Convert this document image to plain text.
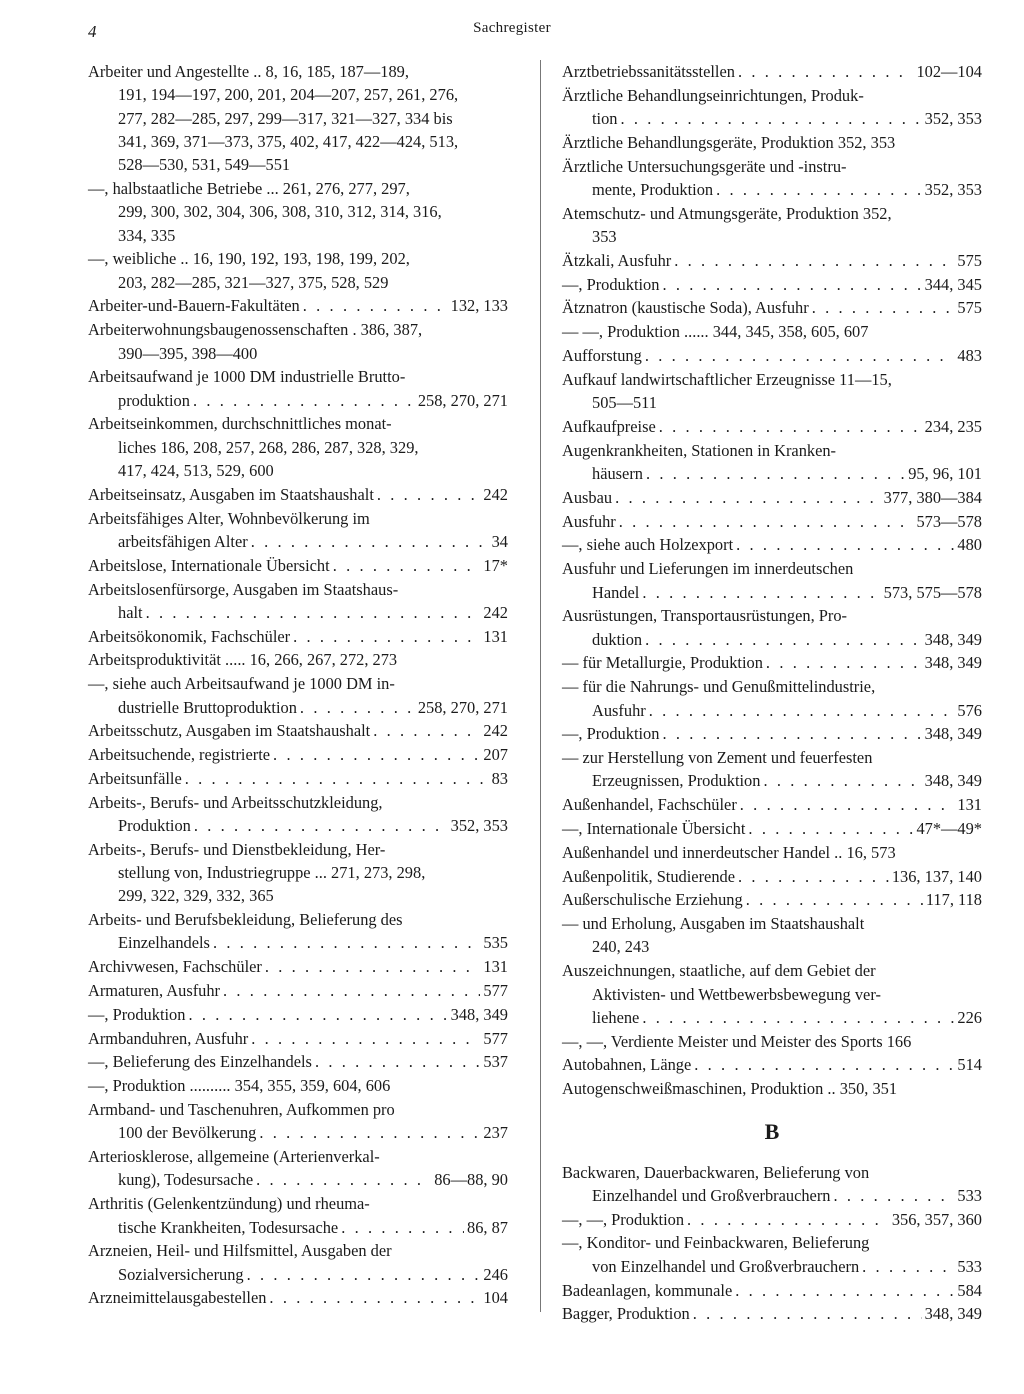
4	Sachregister
Arbeiter und Angestellte .. 8, 16, 185, 187—189,
191, 194—197, 200, 201, 204—207, 257, 261, 276,
277, 282—285, 297, 299—317, 321—327, 334 bis
341, 369, 371—373, 375, 402, 417, 422—424, 513,
528—530, 531, 549—551
—, halbstaatliche Betriebe ... 261, 276, 277, 297,
299, 300, 302, 304, 306, 308, 310, 312, 314, 316,
334, 335
—, weibliche .. 16, 190, 192, 193, 198, 199, 202,
203, 282—285, 321—327, 375, 528, 529
Arbeiter-und-Bauern-Fakultäten . . .	132, 133
Arbeiterwohnungsbaugenossenschaften . 386, 387,
390—395, 398—400
Arbeitsaufwand je 1000 DM industrielle Brutto-
produktion . . .	258, 270, 271
Arbeitseinkommen, durchschnittliches monat-
liches 186, 208, 257, 268, 286, 287, 328, 329,
417, 424, 513, 529, 600
Arbeitseinsatz, Ausgaben im Staatshaushalt . . .	242
Arbeitsfähiges Alter, Wohnbevölkerung im
arbeitsfähigen Alter . . .	34
Arbeitslose, Internationale Übersicht . . .	17*
Arbeitslosenfürsorge, Ausgaben im Staatshaus-
halt . . .	242
Arbeitsökonomik, Fachschüler . . .	131
Arbeitsproduktivität ..... 16, 266, 267, 272, 273
—, siehe auch Arbeitsaufwand je 1000 DM in-
dustrielle Bruttoproduktion . . .	258, 270, 271
Arbeitsschutz, Ausgaben im Staatshaushalt . . .	242
Arbeitsuchende, registrierte . . .	207
Arbeitsunfälle . . .	83
Arbeits-, Berufs- und Arbeitsschutzkleidung,
Produktion . . .	352, 353
Arbeits-, Berufs- und Dienstbekleidung, Her-
stellung von, Industriegruppe ... 271, 273, 298,
299, 322, 329, 332, 365
Arbeits- und Berufsbekleidung, Belieferung des
Einzelhandels . . .	535
Archivwesen, Fachschüler . . .	131
Armaturen, Ausfuhr . . .	577
—, Produktion . . .	348, 349
Armbanduhren, Ausfuhr . . .	577
—, Belieferung des Einzelhandels . . .	537
—, Produktion .......... 354, 355, 359, 604, 606
Armband- und Taschenuhren, Aufkommen pro
100 der Bevölkerung . . .	237
Arteriosklerose, allgemeine (Arterienverkal-
kung), Todesursache . . .	86—88, 90
Arthritis (Gelenkentzündung) und rheuma-
tische Krankheiten, Todesursache . . .	86, 87
Arzneien, Heil- und Hilfsmittel, Ausgaben der
Sozialversicherung . . .	246
Arzneimittelausgabestellen . . .	104
Arztbetriebssanitätsstellen . . .	102—104
Ärztliche Behandlungseinrichtungen, Produk-
tion . . .	352, 353
Ärztliche Behandlungsgeräte, Produktion 352, 353
Ärztliche Untersuchungsgeräte und -instru-
mente, Produktion . . .	352, 353
Atemschutz- und Atmungsgeräte, Produktion 352,
353
Ätzkali, Ausfuhr . . .	575
—, Produktion . . .	344, 345
Ätznatron (kaustische Soda), Ausfuhr . . .	575
— —, Produktion ...... 344, 345, 358, 605, 607
Aufforstung . . .	483
Aufkauf landwirtschaftlicher Erzeugnisse 11—15,
505—511
Aufkaufpreise . . .	234, 235
Augenkrankheiten, Stationen in Kranken-
häusern . . .	95, 96, 101
Ausbau . . .	377, 380—384
Ausfuhr . . .	573—578
—, siehe auch Holzexport . . .	480
Ausfuhr und Lieferungen im innerdeutschen
Handel . . .	573, 575—578
Ausrüstungen, Transportausrüstungen, Pro-
duktion . . .	348, 349
— für Metallurgie, Produktion . . .	348, 349
— für die Nahrungs- und Genußmittelindustrie,
Ausfuhr . . .	576
—, Produktion . . .	348, 349
— zur Herstellung von Zement und feuerfesten
Erzeugnissen, Produktion . . .	348, 349
Außenhandel, Fachschüler . . .	131
—, Internationale Übersicht . . .	47*—49*
Außenhandel und innerdeutscher Handel .. 16, 573
Außenpolitik, Studierende . . .	136, 137, 140
Außerschulische Erziehung . . .	117, 118
— und Erholung, Ausgaben im Staatshaushalt
240, 243
Auszeichnungen, staatliche, auf dem Gebiet der
Aktivisten- und Wettbewerbsbewegung ver-
liehene . . .	226
—, —, Verdiente Meister und Meister des Sports 166
Autobahnen, Länge . . .	514
Autogenschweißmaschinen, Produktion .. 350, 351
B
Backwaren, Dauerbackwaren, Belieferung von
Einzelhandel und Großverbrauchern . . .	533
—, —, Produktion . . .	356, 357, 360
—, Konditor- und Feinbackwaren, Belieferung
von Einzelhandel und Großverbrauchern . . .	533
Badeanlagen, kommunale . . .	584
Bagger, Produktion . . .	348, 349
